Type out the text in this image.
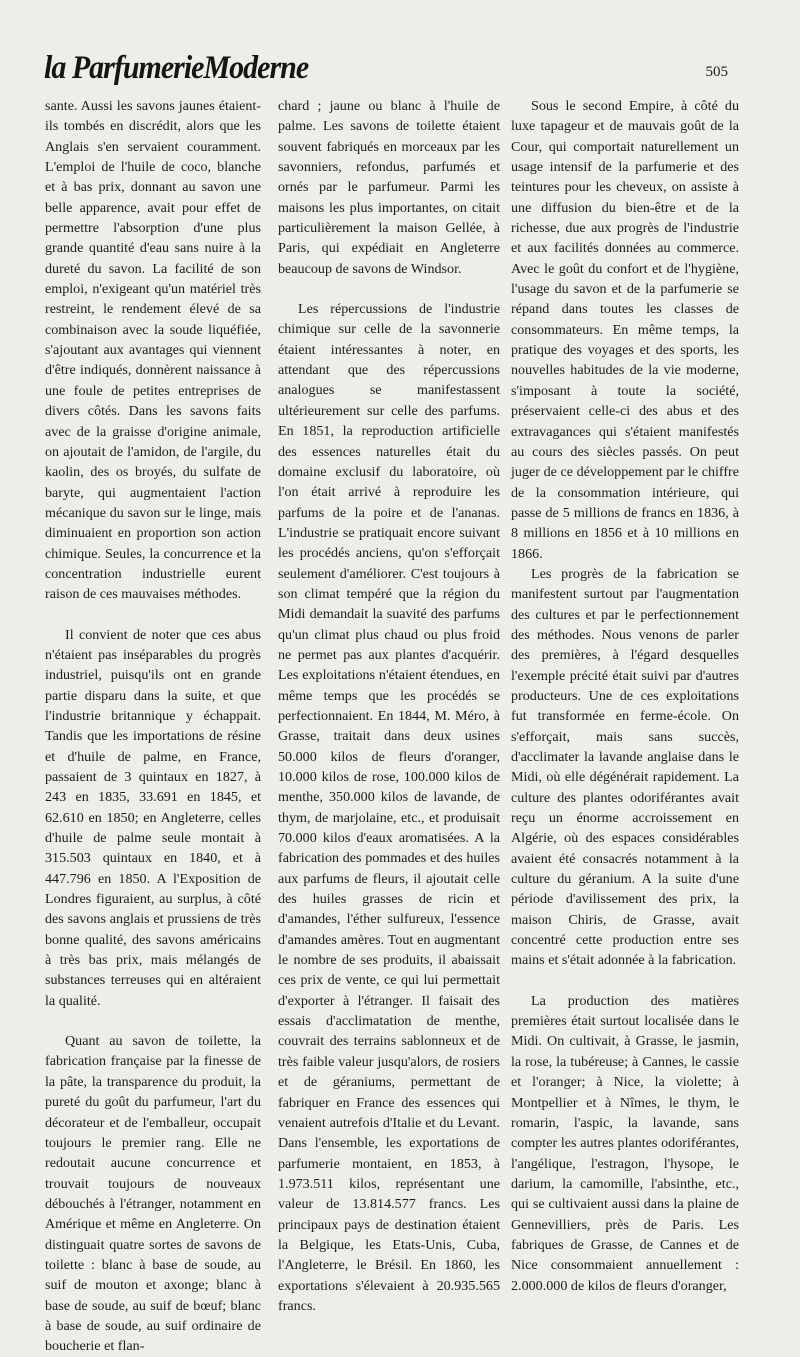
la ParfumerieModerne	505

sante. Aussi les savons jaunes étaient-ils tombés en discrédit, alors que les Anglais s'en servaient couramment. L'emploi de l'huile de coco, blanche et à bas prix, donnant au savon une belle apparence, avait pour effet de permettre l'absorption d'une plus grande quantité d'eau sans nuire à la dureté du savon. La facilité de son emploi, n'exigeant qu'un matériel très restreint, le rendement élevé de sa combinaison avec la soude liquéfiée, s'ajoutant aux avantages qui viennent d'être indiqués, donnèrent naissance à une foule de petites entreprises de divers côtés. Dans les savons faits avec de la graisse d'origine animale, on ajoutait de l'amidon, de l'argile, du kaolin, des os broyés, du sulfate de baryte, qui augmentaient l'action mécanique du savon sur le linge, mais diminuaient en proportion son action chimique. Seules, la concurrence et la concentration industrielle eurent raison de ces mauvaises méthodes.

Il convient de noter que ces abus n'étaient pas inséparables du progrès industriel, puisqu'ils ont en grande partie disparu dans la suite, et que l'industrie britannique y échappait. Tandis que les importations de résine et d'huile de palme, en France, passaient de 3 quintaux en 1827, à 243 en 1835, 33.691 en 1845, et 62.610 en 1850; en Angleterre, celles d'huile de palme seule montait à 315.503 quintaux en 1840, et à 447.796 en 1850. A l'Exposition de Londres figuraient, au surplus, à côté des savons anglais et prussiens de très bonne qualité, des savons américains à très bas prix, mais mélangés de substances terreuses qui en altéraient la qualité.

Quant au savon de toilette, la fabrication française par la finesse de la pâte, la transparence du produit, la pureté du goût du parfumeur, l'art du décorateur et de l'emballeur, occupait toujours le premier rang. Elle ne redoutait aucune concurrence et trouvait toujours de nouveaux débouchés à l'étranger, notamment en Amérique et même en Angleterre. On distinguait quatre sortes de savons de toilette : blanc à base de soude, au suif de mouton et axonge; blanc à base de soude, au suif de bœuf; blanc à base de soude, au suif ordinaire de boucherie et flan-

chard ; jaune ou blanc à l'huile de palme. Les savons de toilette étaient souvent fabriqués en morceaux par les savonniers, refondus, parfumés et ornés par le parfumeur. Parmi les maisons les plus importantes, on citait particulièrement la maison Gellée, à Paris, qui expédiait en Angleterre beaucoup de savons de Windsor.

Les répercussions de l'industrie chimique sur celle de la savonnerie étaient intéressantes à noter, en attendant que des répercussions analogues se manifestassent ultérieurement sur celle des parfums. En 1851, la reproduction artificielle des essences naturelles était du domaine exclusif du laboratoire, où l'on était arrivé à reproduire les parfums de la poire et de l'ananas. L'industrie se pratiquait encore suivant les procédés anciens, qu'on s'efforçait seulement d'améliorer. C'est toujours à son climat tempéré que la région du Midi demandait la suavité des parfums qu'un climat plus chaud ou plus froid ne permet pas aux plantes d'acquérir. Les exploitations n'étaient étendues, en même temps que les procédés se perfectionnaient. En 1844, M. Méro, à Grasse, traitait dans deux usines 50.000 kilos de fleurs d'oranger, 10.000 kilos de rose, 100.000 kilos de menthe, 350.000 kilos de lavande, de thym, de marjolaine, etc., et produisait 70.000 kilos d'eaux aromatisées. A la fabrication des pommades et des huiles aux parfums de fleurs, il ajoutait celle des huiles grasses de ricin et d'amandes, l'éther sulfureux, l'essence d'amandes amères. Tout en augmentant le nombre de ses produits, il abaissait ces prix de vente, ce qui lui permettait d'exporter à l'étranger. Il faisait des essais d'acclimatation de menthe, couvrait des terrains sablonneux et de très faible valeur jusqu'alors, de rosiers et de géraniums, permettant de fabriquer en France des essences qui venaient autrefois d'Italie et du Levant. Dans l'ensemble, les exportations de parfumerie montaient, en 1853, à 1.973.511 kilos, représentant une valeur de 13.814.577 francs. Les principaux pays de destination étaient la Belgique, les Etats-Unis, Cuba, l'Angleterre, le Brésil. En 1860, les exportations s'élevaient à 20.935.565 francs.

Sous le second Empire, à côté du luxe tapageur et de mauvais goût de la Cour, qui comportait naturellement un usage intensif de la parfumerie et des teintures pour les cheveux, on assiste à une diffusion du bien-être et de la richesse, due aux progrès de l'industrie et aux facilités données au commerce. Avec le goût du confort et de l'hygiène, l'usage du savon et de la parfumerie se répand dans toutes les classes de consommateurs. En même temps, la pratique des voyages et des sports, les nouvelles habitudes de la vie moderne, s'imposant à toute la société, préservaient celle-ci des abus et des extravagances qui s'étaient manifestés au cours des siècles passés. On peut juger de ce développement par le chiffre de la consommation intérieure, qui passe de 5 millions de francs en 1836, à 8 millions en 1856 et à 10 millions en 1866.

Les progrès de la fabrication se manifestent surtout par l'augmentation des cultures et par le perfectionnement des méthodes. Nous venons de parler des premières, à l'égard desquelles l'exemple précité était suivi par d'autres producteurs. Une de ces exploitations fut transformée en ferme-école. On s'efforçait, mais sans succès, d'acclimater la lavande anglaise dans le Midi, où elle dégénérait rapidement. La culture des plantes odoriférantes avait reçu un énorme accroissement en Algérie, où des espaces considérables avaient été consacrés notamment à la culture du géranium. A la suite d'une période d'avilissement des prix, la maison Chiris, de Grasse, avait concentré cette production entre ses mains et s'était adonnée à la fabrication.

La production des matières premières était surtout localisée dans le Midi. On cultivait, à Grasse, le jasmin, la rose, la tubéreuse; à Cannes, le cassie et l'oranger; à Nice, la violette; à Montpellier et à Nîmes, le thym, le romarin, l'aspic, la lavande, sans compter les autres plantes odoriférantes, l'angélique, l'estragon, l'hysope, le darium, la camomille, l'absinthe, etc., qui se cultivaient aussi dans la plaine de Gennevilliers, près de Paris. Les fabriques de Grasse, de Cannes et de Nice consommaient annuellement : 2.000.000 de kilos de fleurs d'oranger,
